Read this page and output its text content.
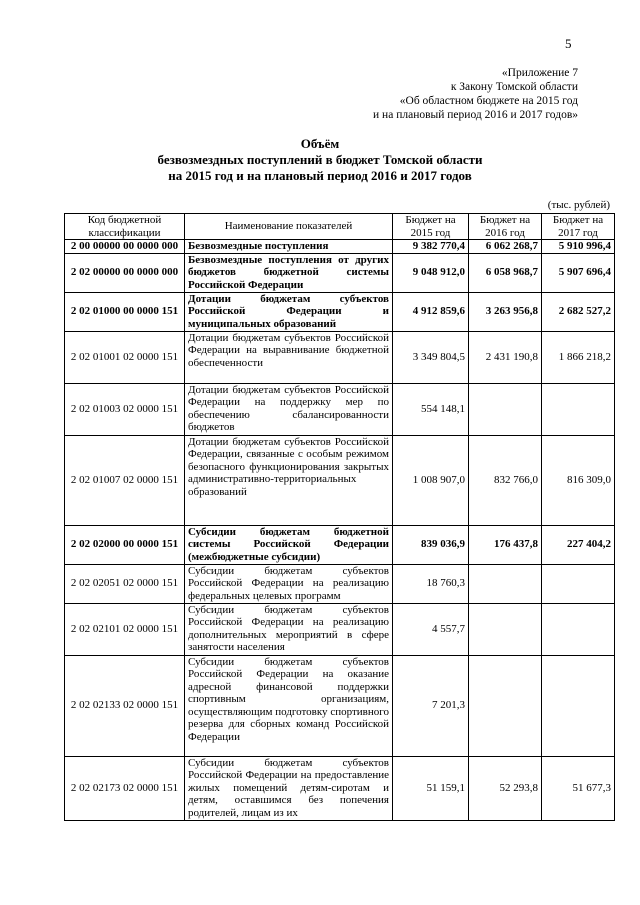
5
«Приложение 7
к Закону Томской области
«Об областном бюджете на 2015 год
и на плановый период 2016 и 2017 годов»
Объём
безвозмездных поступлений в бюджет Томской области
на 2015 год и на плановый период 2016 и 2017 годов
(тыс. рублей)
Код бюджетной классификации	Наименование показателей	Бюджет на 2015 год	Бюджет на 2016 год	Бюджет на 2017 год
2 00 00000 00 0000 000	Безвозмездные поступления	9 382 770,4	6 062 268,7	5 910 996,4
2 02 00000 00 0000 000	Безвозмездные поступления от других бюджетов бюджетной системы Российской Федерации	9 048 912,0	6 058 968,7	5 907 696,4
2 02 01000 00 0000 151	Дотации бюджетам субъектов Российской Федерации и муниципальных образований	4 912 859,6	3 263 956,8	2 682 527,2
2 02 01001 02 0000 151	Дотации бюджетам субъектов Российской Федерации на выравнивание бюджетной обеспеченности	3 349 804,5	2 431 190,8	1 866 218,2
2 02 01003 02 0000 151	Дотации бюджетам субъектов Российской Федерации на поддержку мер по обеспечению сбалансированности бюджетов	554 148,1		
2 02 01007 02 0000 151	Дотации бюджетам субъектов Российской Федерации, связанные с особым режимом безопасного функционирования закрытых административно-территориальных образований	1 008 907,0	832 766,0	816 309,0
2 02 02000 00 0000 151	Субсидии бюджетам бюджетной системы Российской Федерации (межбюджетные субсидии)	839 036,9	176 437,8	227 404,2
2 02 02051 02 0000 151	Субсидии бюджетам субъектов Российской Федерации на реализацию федеральных целевых программ	18 760,3		
2 02 02101 02 0000 151	Субсидии бюджетам субъектов Российской Федерации на реализацию дополнительных мероприятий в сфере занятости населения	4 557,7		
2 02 02133 02 0000 151	Субсидии бюджетам субъектов Российской Федерации на оказание адресной финансовой поддержки спортивным организациям, осуществляющим подготовку спортивного резерва для сборных команд Российской Федерации	7 201,3		
2 02 02173 02 0000 151	Субсидии бюджетам субъектов Российской Федерации на предоставление жилых помещений детям-сиротам и детям, оставшимся без попечения родителей, лицам из их	51 159,1	52 293,8	51 677,3
